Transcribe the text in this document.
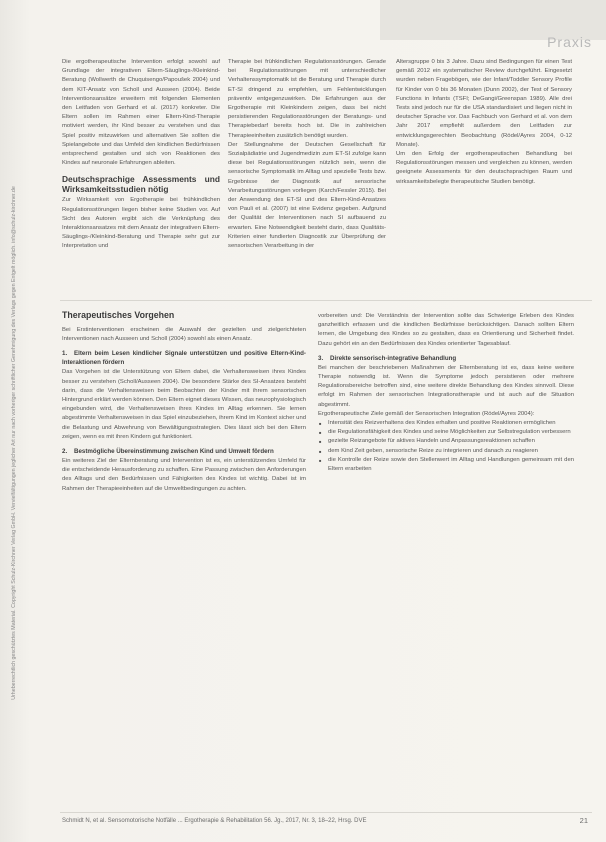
Praxis
Urheberrechtlich geschütztes Material. Copyright Schulz-Kirchner Verlag GmbH. Vervielfältigungen jeglicher Art nur nach vorheriger schriftlicher Genehmigung des Verlags gegen Entgelt möglich. info@schulz-kirchner.de

Die ergotherapeutische Intervention erfolgt sowohl auf Grundlage der integrativen Eltern-Säuglings-/Kleinkind-Beratung (Wollwerth de Chuquisengo/Papoušek 2004) und dem KIT-Ansatz von Scholl und Ausseen (2004). Beide Interventionsansätze erweitern mit folgenden Elementen den Leitfaden von Gerhard et al. (2017) konkreter. Die Eltern sollen im Rahmen einer Eltern-Kind-Therapie motiviert werden, ihr Kind besser zu verstehen und das Spiel positiv mitzuwirken und alternativen Sie sollten die Spielangebote und das Umfeld den kindlichen Bedürfnissen entsprechend gestalten und sich von Reaktionen des Kindes auf neuronale Erfahrungen ableiten.

Deutschsprachige Assessments und Wirksamkeitsstudien nötig

Zur Wirksamkeit von Ergotherapie bei frühkindlichen Regulationsstörungen liegen bisher keine Studien vor. Auf Sicht des Autoren ergibt sich die Verknüpfung des Interaktionsansatzes mit dem Ansatz der integrativen Eltern-Säuglings-/Kleinkind-Beratung und Therapie sehr gut zur Interpretation und

Therapie bei frühkindlichen Regulationsstörungen. Gerade bei Regulationsstörungen mit unterschiedlicher Verhaltenssymptomatik ist die Beratung und Therapie durch ET-SI dringend zu empfehlen, um Fehlentwicklungen präventiv entgegenzuwirken. Die Erfahrungen aus der Ergotherapie mit Kleinkindern zeigen, dass bei nicht persistierenden Regulationsstörungen der Beratungs- und Therapiebedarf bereits hoch ist. Die in zahlreichen Therapieeinheiten zusätzlich benötigt wurden.

Der Stellungnahme der Deutschen Gesellschaft für Sozialpädiatrie und Jugendmedizin zum ET-SI zufolge kann diese bei Regulationsstörungen nützlich sein, wenn die sensorische Symptomatik im Alltag und spezielle Tests bzw. Ergebnisse der Diagnostik auf sensorische Verarbeitungsstörungen vorliegen (Karch/Fessler 2015). Bei der Anwendung des ET-SI und des Eltern-Kind-Ansatzes von Pauli et al. (2007) ist eine Evidenz gegeben. Aufgrund der Qualität der Interventionen nach SI aufbauend zu erwarten. Eine Notwendigkeit besteht darin, dass Qualitäts-Kriterien einer fundierten Diagnostik zur Überprüfung der sensorischen Verarbeitung in der

Altersgruppe 0 bis 3 Jahre. Dazu sind Bedingungen für einen Test gemäß 2012 ein systematischer Review durchgeführt. Eingesetzt wurden neben Fragebögen, wie der Infant/Toddler Sensory Profile für Kinder von 0 bis 36 Monaten (Dunn 2002), der Test of Sensory Functions in Infants (TSFI; DeGangi/Greenspan 1989). Alle drei Tests sind jedoch nur für die USA standardisiert und liegen nicht in deutscher Sprache vor. Das Fachbuch von Gerhard et al. von dem Jahr 2017 empfiehlt außerdem den Leitfaden zur entwicklungsgerechten Beobachtung (Rödel/Ayres 2004, 0-12 Monate).

Um den Erfolg der ergotherapeutischen Behandlung bei Regulationsstörungen messen und vergleichen zu können, werden geeignete Assessments für den deutschsprachigen Raum und wirksamkeitsbelegte therapeutische Studien benötigt.

Therapeutisches Vorgehen

Bei Erstinterventionen erscheinen die Auswahl der gezielten und zielgerichteten Interventionen nach Ausseen und Scholl (2004) sowohl als einen Ansatz.

1. Eltern beim Lesen kindlicher Signale unterstützen und positive Eltern-Kind-Interaktionen fördern

Das Vorgehen ist die Unterstützung von Eltern dabei, die Verhaltensweisen ihres Kindes besser zu verstehen (Scholl/Ausseen 2004). Die besondere Stärke des SI-Ansatzes besteht darin, dass die Verhaltensweisen beim Beobachten der Kinder mit ihrem sensorischen Hintergrund erklärt werden können. Den Eltern eignet dieses Wissen, das neurophysiologisch eingebunden wird, die Verhaltensweisen ihres Kindes im Alltag erkennen. Sie lernen abgestimmte Verhaltensweisen in das Spiel einzubeziehen, ihrem Kind im Kontext sicher und die Belastung und Abwehrung von Bewältigungsstrategien. Dies lässt sich bei den Eltern zeigen, wenn es mit ihren Kindern gut funktioniert.

2. Bestmögliche Übereinstimmung zwischen Kind und Umwelt fördern

Ein weiteres Ziel der Elternberatung und Intervention ist es, ein unterstützendes Umfeld für die entscheidende Herausforderung zu schaffen. Eine Passung zwischen den Anforderungen des Alltags und den Bedürfnissen und Fähigkeiten des Kindes ist wichtig. Dabei ist im Rahmen der Therapieeinheiten auf die Umweltbedingungen zu achten.

vorbereiten und: Die Verständnis der Intervention sollte das Schwierige Erleben des Kindes ganzheitlich erfassen und die kindlichen Bedürfnisse berücksichtigen. Danach sollten Eltern lernen, die Umgebung des Kindes so zu gestalten, dass es Orientierung und Sicherheit findet. Dazu gehört ein an den Bedürfnissen des Kindes orientierter Tagesablauf.

3. Direkte sensorisch-integrative Behandlung

Bei manchen der beschriebenen Maßnahmen der Elternberatung ist es, dass keine weitere Therapie notwendig ist. Wenn die Symptome jedoch persistieren oder mehrere Regulationsbereiche betroffen sind, eine weitere direkte Behandlung des Kindes sinnvoll. Diese erfolgt im Rahmen der sensorischen Integrationstherapie und ist auch auf die Situation abgestimmt.

Ergotherapeutische Ziele gemäß der Sensorischen Integration (Rödel/Ayres 2004):

■ Intensität des Reizverhaltens des Kindes erhalten und positive Reaktionen ermöglichen
■ die Regulationsfähigkeit des Kindes und seine Möglichkeiten zur Selbstregulation verbessern
■ gezielte Reizangebote für aktives Handeln und Anpassungsreaktionen schaffen
■ dem Kind Zeit geben, sensorische Reize zu integrieren und danach zu reagieren
■ die Kontrolle der Reize sowie den Stellenwert im Alltag und Handlungen gemeinsam mit den Eltern erarbeiten
Schmidt N, et al. Sensomotorische Notfälle ... Ergotherapie & Rehabilitation 56. Jg., 2017, Nr. 3, 18–22, Hrsg. DVE	21
